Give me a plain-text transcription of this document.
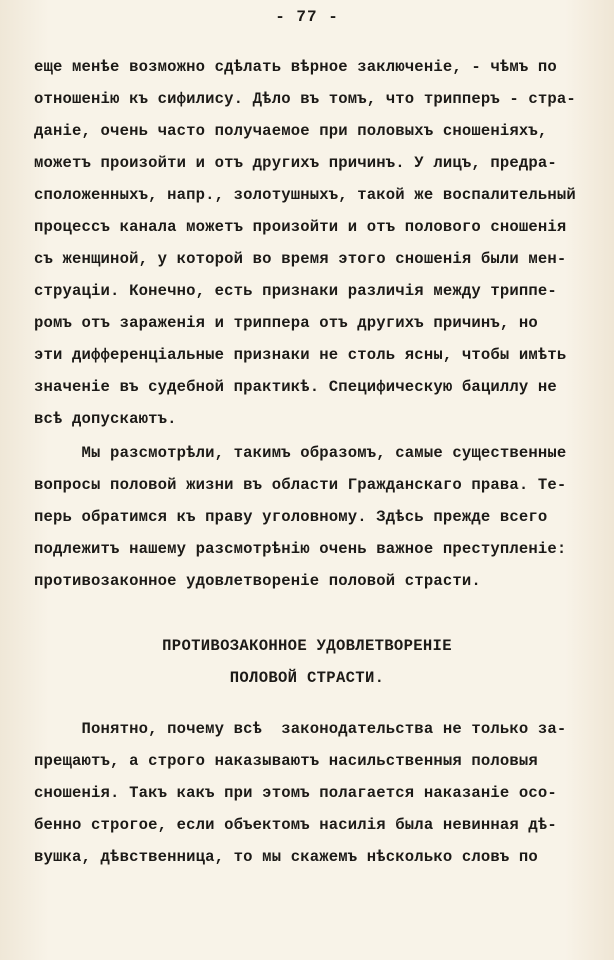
- 77 -
еще менѣе возможно сдѣлать вѣрное заключеніе, - чѣмъ по
отношенію къ сифилису. Дѣло въ томъ, что трипперъ - стра-
даніе, очень часто получаемое при половыхъ сношеніяхъ,
можетъ произойти и отъ другихъ причинъ. У лицъ, предра-
сположенныхъ, напр., золотушныхъ, такой же воспалительный
процессъ канала можетъ произойти и отъ полового сношенія
съ женщиной, у которой во время этого сношенія были мен-
струаціи. Конечно, есть признаки различія между триппе-
ромъ отъ зараженія и триппера отъ другихъ причинъ, но
эти дифференціальные признаки не столь ясны, чтобы имѣть
значеніе въ судебной практикѣ. Специфическую бациллу не
всѣ допускаютъ.
Мы разсмотрѣли, такимъ образомъ, самые существенные
вопросы половой жизни въ области Гражданскаго права. Те-
перь обратимся къ праву уголовному. Здѣсь прежде всего
подлежитъ нашему разсмотрѣнію очень важное преступленіе:
противозаконное удовлетвореніе половой страсти.
ПРОТИВОЗАКОННОЕ УДОВЛЕТВОРЕНІЕ
ПОЛОВОЙ СТРАСТИ.
Понятно, почему всѣ  законодательства не только за-
прещаютъ, а строго наказываютъ насильственныя половыя
сношенія. Такъ какъ при этомъ полагается наказаніе осо-
бенно строгое, если объектомъ насилія была невинная дѣ-
вушка, дѣвственница, то мы скажемъ нѣсколько словъ по
